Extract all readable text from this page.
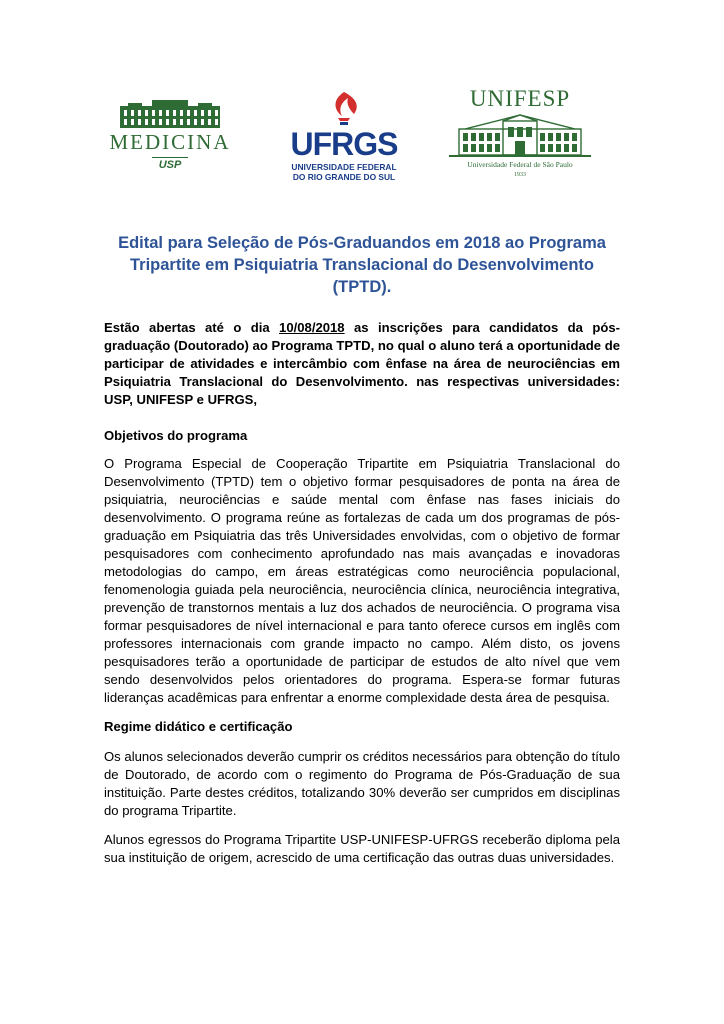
MEDICINA
USP
UFRGS
UNIVERSIDADE FEDERAL
DO RIO GRANDE DO SUL
UNIFESP
Universidade Federal de São Paulo
1933
Edital para Seleção de Pós-Graduandos em 2018 ao Programa Tripartite em Psiquiatria Translacional do Desenvolvimento (TPTD).
Estão abertas até o dia 10/08/2018 as inscrições para candidatos da pós-graduação (Doutorado) ao Programa TPTD, no qual o aluno terá a oportunidade de participar de atividades e intercâmbio com ênfase na área de neurociências em Psiquiatria Translacional do Desenvolvimento. nas respectivas universidades: USP, UNIFESP e UFRGS,
Objetivos do programa
O Programa Especial de Cooperação Tripartite em Psiquiatria Translacional do Desenvolvimento (TPTD) tem o objetivo formar pesquisadores de ponta na área de psiquiatria, neurociências e saúde mental com ênfase nas fases iniciais do desenvolvimento. O programa reúne as fortalezas de cada um dos programas de pós-graduação em Psiquiatria das três Universidades envolvidas, com o objetivo de formar pesquisadores com conhecimento aprofundado nas mais avançadas e inovadoras metodologias do campo, em áreas estratégicas como neurociência populacional, fenomenologia guiada pela neurociência, neurociência clínica, neurociência integrativa, prevenção de transtornos mentais a luz dos achados de neurociência. O programa visa formar pesquisadores de nível internacional e para tanto oferece cursos em inglês com professores internacionais com grande impacto no campo. Além disto, os jovens pesquisadores terão a oportunidade de participar de estudos de alto nível que vem sendo desenvolvidos pelos orientadores do programa. Espera-se formar futuras lideranças acadêmicas para enfrentar a enorme complexidade desta área de pesquisa.
Regime didático e certificação
Os alunos selecionados deverão cumprir os créditos necessários para obtenção do título de Doutorado, de acordo com o regimento do Programa de Pós-Graduação de sua instituição. Parte destes créditos, totalizando 30% deverão ser cumpridos em disciplinas do programa Tripartite.
Alunos egressos do Programa Tripartite USP-UNIFESP-UFRGS receberão diploma pela sua instituição de origem, acrescido de uma certificação das outras duas universidades.
